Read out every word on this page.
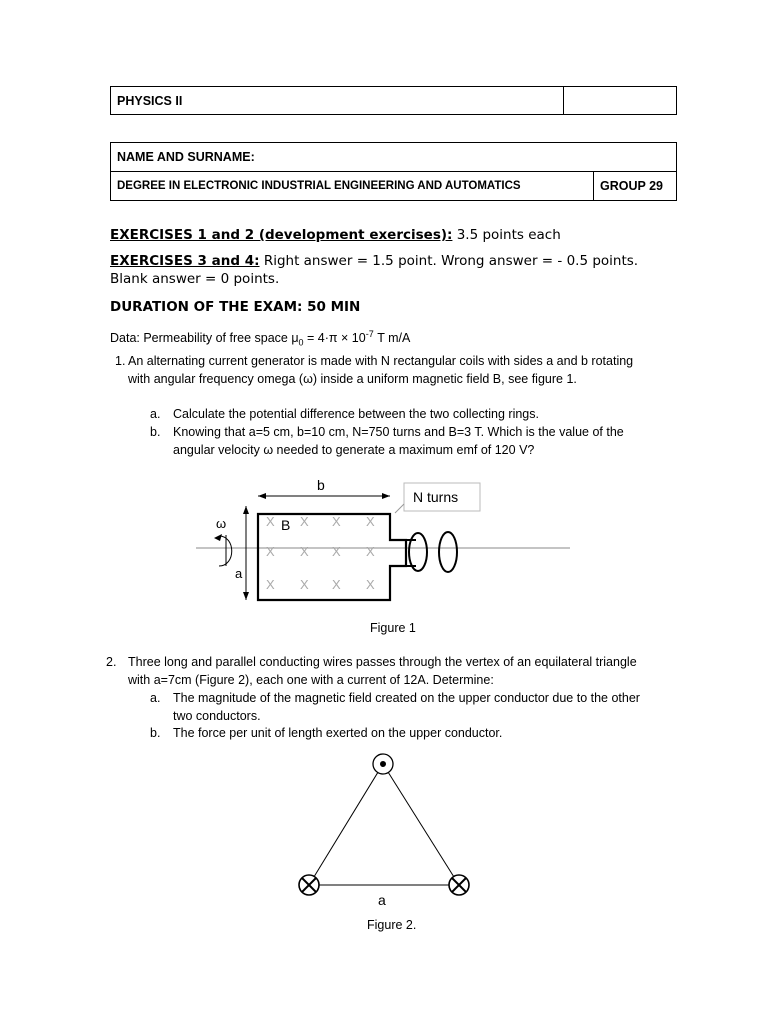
PHYSICS II	
NAME AND SURNAME:
DEGREE IN ELECTRONIC INDUSTRIAL ENGINEERING AND AUTOMATICS	GROUP 29
EXERCISES 1 and 2 (development exercises): 3.5 points each
EXERCISES 3 and 4: Right answer = 1.5 point. Wrong answer = - 0.5 points.
Blank answer = 0 points.
DURATION OF THE EXAM: 50 MIN
Data: Permeability of free space $\mu_0 = 4\cdot\pi \times 10^{-7}$ T m/A
1. An alternating current generator is made with N rectangular coils with sides a and b rotating
with angular frequency omega (ω) inside a uniform magnetic field B, see figure 1.
a. Calculate the potential difference between the two collecting rings.
b. Knowing that a=5 cm, b=10 cm, N=750 turns and B=3 T. Which is the value of the
angular velocity ω needed to generate a maximum emf of 120 V?
b
N turns
a
ω	B
X X X X
X X X X
X X X X
Figure 1
2. Three long and parallel conducting wires passes through the vertex of an equilateral triangle
with a=7cm (Figure 2), each one with a current of 12A. Determine:
a. The magnitude of the magnetic field created on the upper conductor due to the other
two conductors.
b. The force per unit of length exerted on the upper conductor.
a
Figure 2.
